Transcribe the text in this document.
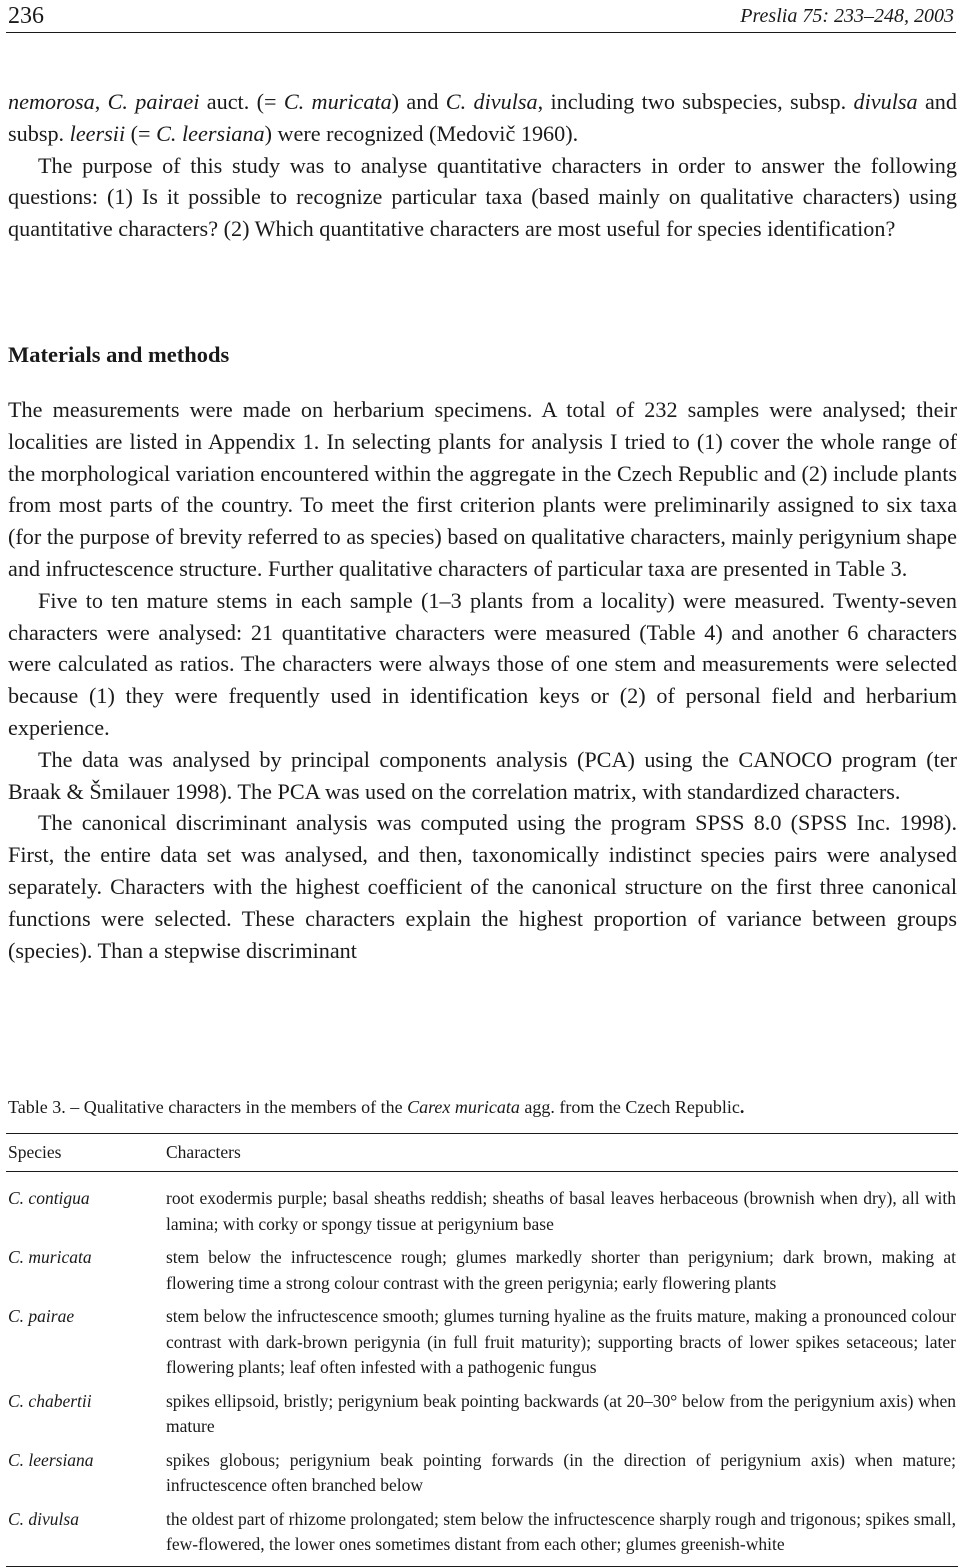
236	Preslia 75: 233–248, 2003

nemorosa, C. pairaei auct. (= C. muricata) and C. divulsa, including two subspecies, subsp. divulsa and subsp. leersii (= C. leersiana) were recognized (Medovič 1960).

The purpose of this study was to analyse quantitative characters in order to answer the following questions: (1) Is it possible to recognize particular taxa (based mainly on qualitative characters) using quantitative characters? (2) Which quantitative characters are most useful for species identification?

Materials and methods

The measurements were made on herbarium specimens. A total of 232 samples were analysed; their localities are listed in Appendix 1. In selecting plants for analysis I tried to (1) cover the whole range of the morphological variation encountered within the aggregate in the Czech Republic and (2) include plants from most parts of the country. To meet the first criterion plants were preliminarily assigned to six taxa (for the purpose of brevity referred to as species) based on qualitative characters, mainly perigynium shape and infructescence structure. Further qualitative characters of particular taxa are presented in Table 3.

Five to ten mature stems in each sample (1–3 plants from a locality) were measured. Twenty-seven characters were analysed: 21 quantitative characters were measured (Table 4) and another 6 characters were calculated as ratios. The characters were always those of one stem and measurements were selected because (1) they were frequently used in identification keys or (2) of personal field and herbarium experience.

The data was analysed by principal components analysis (PCA) using the CANOCO program (ter Braak & Šmilauer 1998). The PCA was used on the correlation matrix, with standardized characters.

The canonical discriminant analysis was computed using the program SPSS 8.0 (SPSS Inc. 1998). First, the entire data set was analysed, and then, taxonomically indistinct species pairs were analysed separately. Characters with the highest coefficient of the canonical structure on the first three canonical functions were selected. These characters explain the highest proportion of variance between groups (species). Than a stepwise discriminant

Table 3. – Qualitative characters in the members of the Carex muricata agg. from the Czech Republic.
Species	Characters
C. contigua	root exodermis purple; basal sheaths reddish; sheaths of basal leaves herbaceous (brownish when dry), all with lamina; with corky or spongy tissue at perigynium base
C. muricata	stem below the infructescence rough; glumes markedly shorter than perigynium; dark brown, making at flowering time a strong colour contrast with the green perigynia; early flowering plants
C. pairae	stem below the infructescence smooth; glumes turning hyaline as the fruits mature, making a pronounced colour contrast with dark-brown perigynia (in full fruit maturity); supporting bracts of lower spikes setaceous; later flowering plants; leaf often infested with a pathogenic fungus
C. chabertii	spikes ellipsoid, bristly; perigynium beak pointing backwards (at 20–30° below from the perigynium axis) when mature
C. leersiana	spikes globous; perigynium beak pointing forwards (in the direction of perigynium axis) when mature; infructescence often branched below
C. divulsa	the oldest part of rhizome prolongated; stem below the infructescence sharply rough and trigonous; spikes small, few-flowered, the lower ones sometimes distant from each other; glumes greenish-white
